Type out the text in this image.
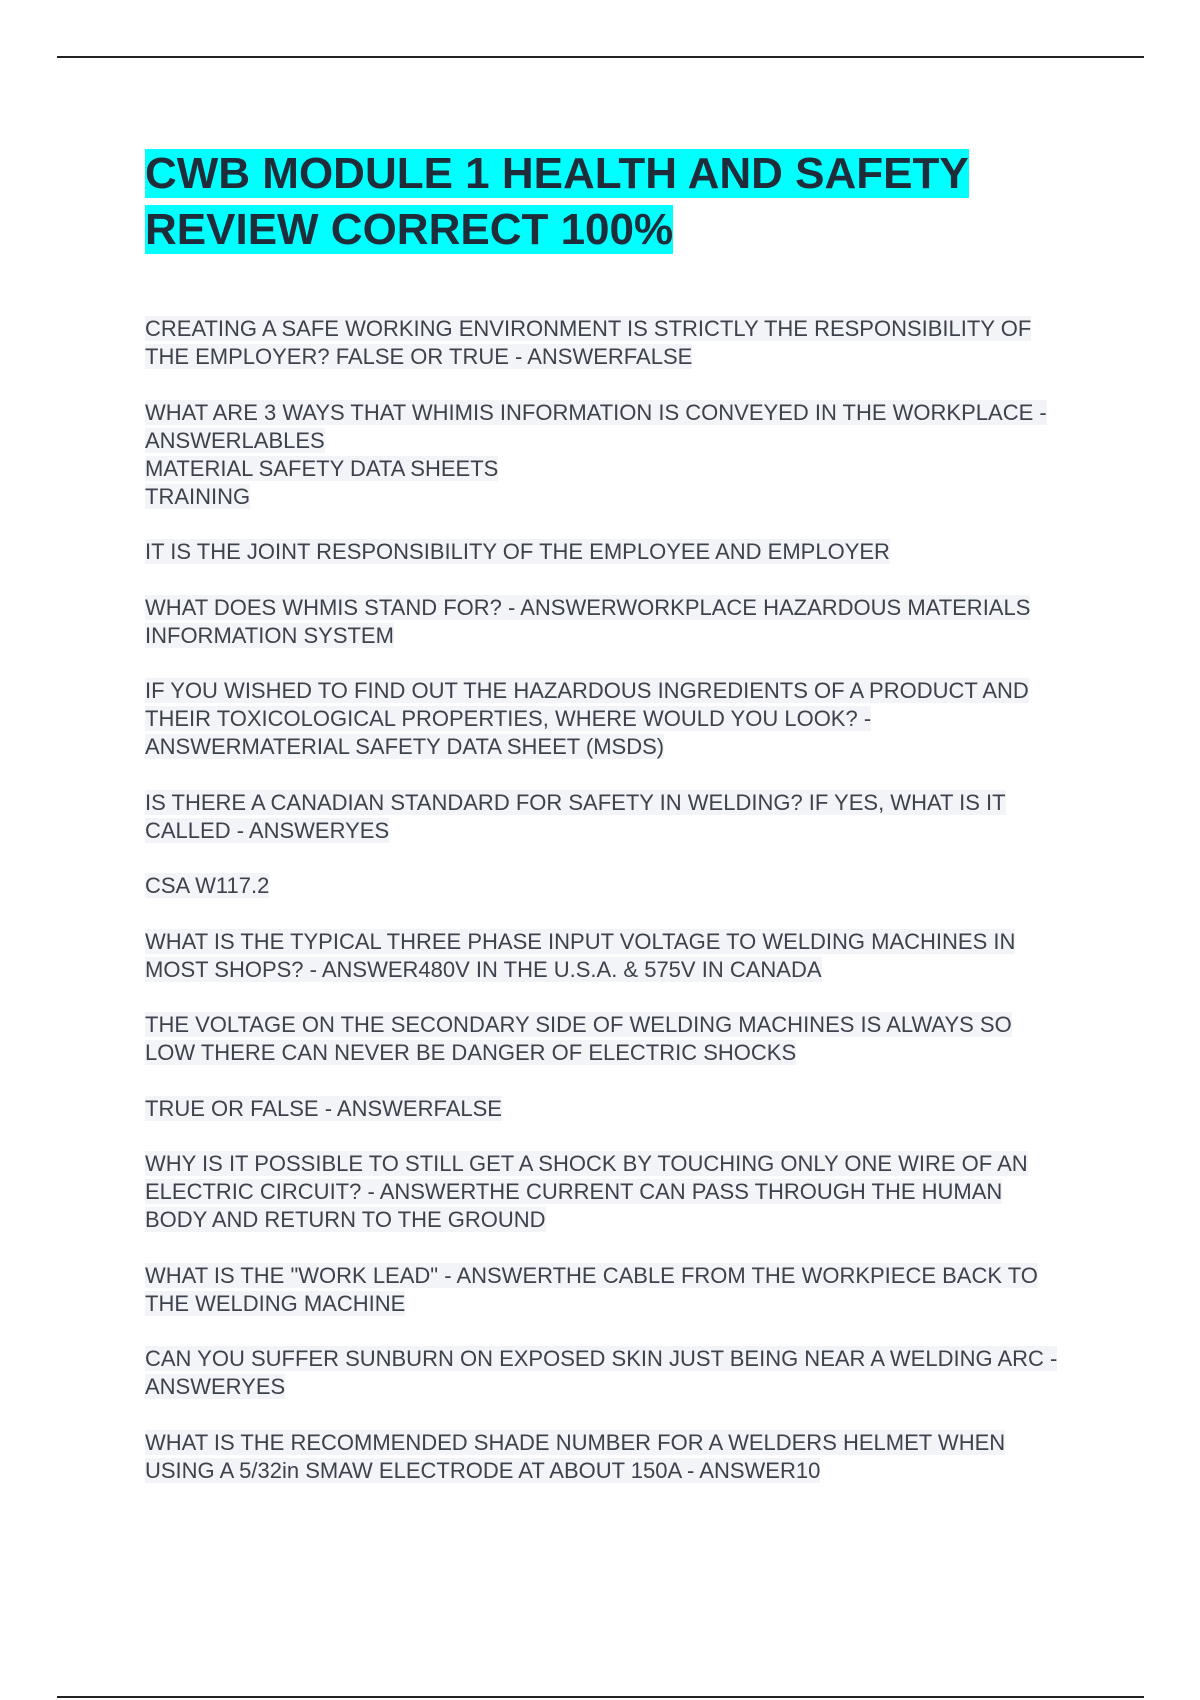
CWB MODULE 1 HEALTH AND SAFETY REVIEW CORRECT 100%

CREATING A SAFE WORKING ENVIRONMENT IS STRICTLY THE RESPONSIBILITY OF THE EMPLOYER? FALSE OR TRUE - ANSWERFALSE

WHAT ARE 3 WAYS THAT WHIMIS INFORMATION IS CONVEYED IN THE WORKPLACE - ANSWERLABLES
MATERIAL SAFETY DATA SHEETS
TRAINING

IT IS THE JOINT RESPONSIBILITY OF THE EMPLOYEE AND EMPLOYER

WHAT DOES WHMIS STAND FOR? - ANSWERWORKPLACE HAZARDOUS MATERIALS INFORMATION SYSTEM

IF YOU WISHED TO FIND OUT THE HAZARDOUS INGREDIENTS OF A PRODUCT AND THEIR TOXICOLOGICAL PROPERTIES, WHERE WOULD YOU LOOK? - ANSWERMATERIAL SAFETY DATA SHEET (MSDS)

IS THERE A CANADIAN STANDARD FOR SAFETY IN WELDING? IF YES, WHAT IS IT CALLED - ANSWERYES

CSA W117.2

WHAT IS THE TYPICAL THREE PHASE INPUT VOLTAGE TO WELDING MACHINES IN MOST SHOPS? - ANSWER480V IN THE U.S.A. & 575V IN CANADA

THE VOLTAGE ON THE SECONDARY SIDE OF WELDING MACHINES IS ALWAYS SO LOW THERE CAN NEVER BE DANGER OF ELECTRIC SHOCKS

TRUE OR FALSE - ANSWERFALSE

WHY IS IT POSSIBLE TO STILL GET A SHOCK BY TOUCHING ONLY ONE WIRE OF AN ELECTRIC CIRCUIT? - ANSWERTHE CURRENT CAN PASS THROUGH THE HUMAN BODY AND RETURN TO THE GROUND

WHAT IS THE "WORK LEAD" - ANSWERTHE CABLE FROM THE WORKPIECE BACK TO THE WELDING MACHINE

CAN YOU SUFFER SUNBURN ON EXPOSED SKIN JUST BEING NEAR A WELDING ARC - ANSWERYES

WHAT IS THE RECOMMENDED SHADE NUMBER FOR A WELDERS HELMET WHEN USING A 5/32in SMAW ELECTRODE AT ABOUT 150A - ANSWER10
